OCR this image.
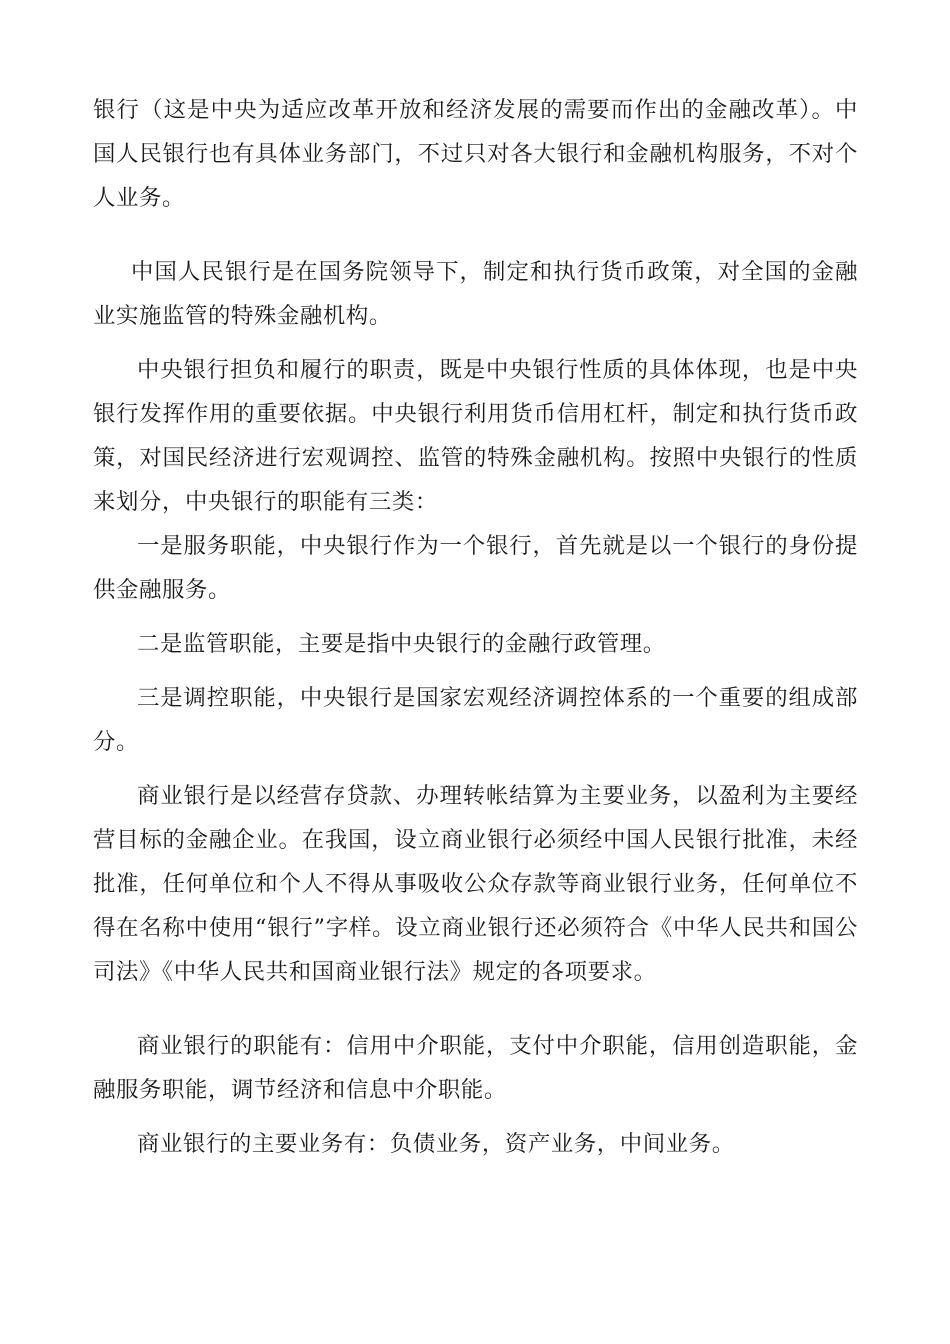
银行（这是中央为适应改革开放和经济发展的需要而作出的金融改革）。中国人民银行也有具体业务部门，不过只对各大银行和金融机构服务，不对个人业务。

中国人民银行是在国务院领导下，制定和执行货币政策，对全国的金融业实施监管的特殊金融机构。

中央银行担负和履行的职责，既是中央银行性质的具体体现，也是中央银行发挥作用的重要依据。中央银行利用货币信用杠杆，制定和执行货币政策，对国民经济进行宏观调控、监管的特殊金融机构。按照中央银行的性质来划分，中央银行的职能有三类：

一是服务职能，中央银行作为一个银行，首先就是以一个银行的身份提供金融服务。

二是监管职能，主要是指中央银行的金融行政管理。

三是调控职能，中央银行是国家宏观经济调控体系的一个重要的组成部分。

商业银行是以经营存贷款、办理转帐结算为主要业务，以盈利为主要经营目标的金融企业。在我国，设立商业银行必须经中国人民银行批准，未经批准，任何单位和个人不得从事吸收公众存款等商业银行业务，任何单位不得在名称中使用“银行”字样。设立商业银行还必须符合《中华人民共和国公司法》《中华人民共和国商业银行法》规定的各项要求。

商业银行的职能有：信用中介职能，支付中介职能，信用创造职能，金融服务职能，调节经济和信息中介职能。

商业银行的主要业务有：负债业务，资产业务，中间业务。
